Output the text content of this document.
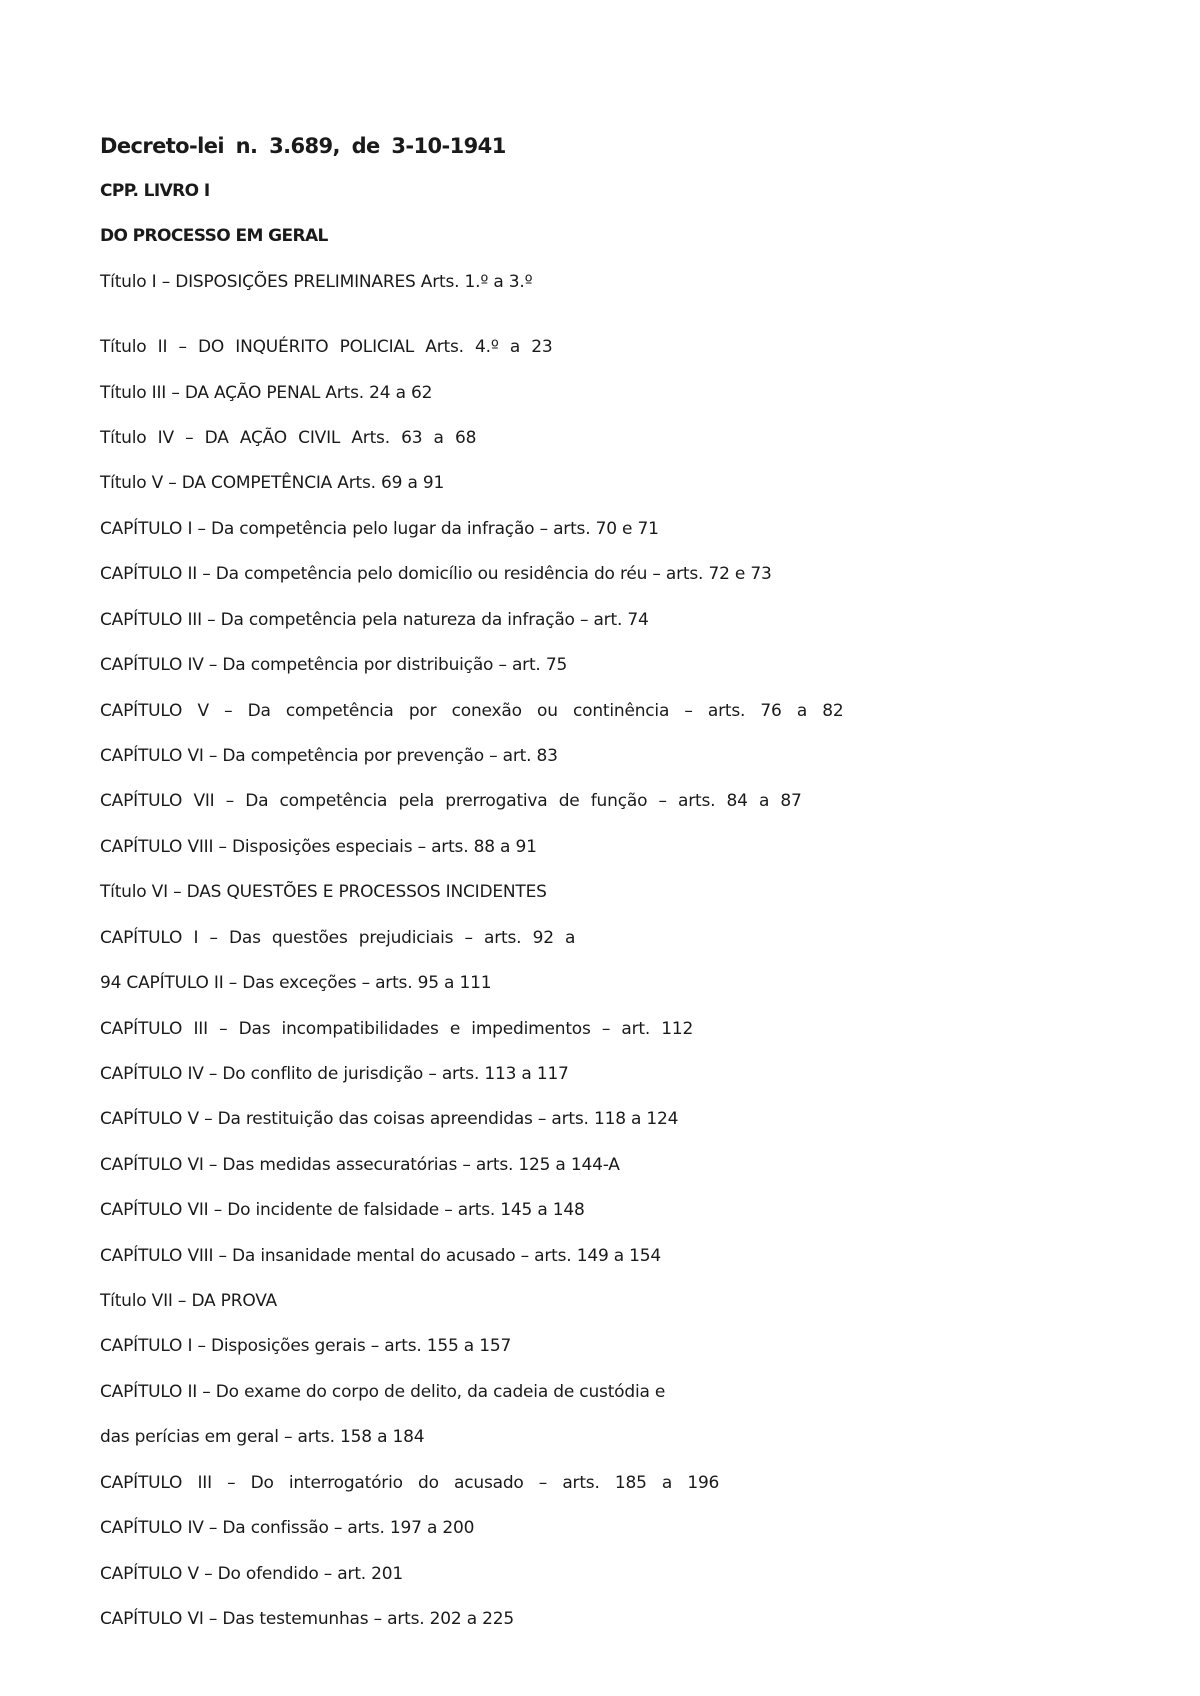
Decreto-lei n. 3.689, de 3-10-1941
CPP. LIVRO I
DO PROCESSO EM GERAL
Título I – DISPOSIÇÕES PRELIMINARES Arts. 1.º a 3.º
Título II – DO INQUÉRITO POLICIAL Arts. 4.º a 23
Título III – DA AÇÃO PENAL Arts. 24 a 62
Título IV – DA AÇÃO CIVIL Arts. 63 a 68
Título V – DA COMPETÊNCIA Arts. 69 a 91
CAPÍTULO I – Da competência pelo lugar da infração – arts. 70 e 71
CAPÍTULO II – Da competência pelo domicílio ou residência do réu – arts. 72 e 73
CAPÍTULO III – Da competência pela natureza da infração – art. 74
CAPÍTULO IV – Da competência por distribuição – art. 75
CAPÍTULO V – Da competência por conexão ou continência – arts. 76 a 82
CAPÍTULO VI – Da competência por prevenção – art. 83
CAPÍTULO VII – Da competência pela prerrogativa de função – arts. 84 a 87
CAPÍTULO VIII – Disposições especiais – arts. 88 a 91
Título VI – DAS QUESTÕES E PROCESSOS INCIDENTES
CAPÍTULO I – Das questões prejudiciais – arts. 92 a
94 CAPÍTULO II – Das exceções – arts. 95 a 111
CAPÍTULO III – Das incompatibilidades e impedimentos – art. 112
CAPÍTULO IV – Do conflito de jurisdição – arts. 113 a 117
CAPÍTULO V – Da restituição das coisas apreendidas – arts. 118 a 124
CAPÍTULO VI – Das medidas assecuratórias – arts. 125 a 144-A
CAPÍTULO VII – Do incidente de falsidade – arts. 145 a 148
CAPÍTULO VIII – Da insanidade mental do acusado – arts. 149 a 154
Título VII – DA PROVA
CAPÍTULO I – Disposições gerais – arts. 155 a 157
CAPÍTULO II – Do exame do corpo de delito, da cadeia de custódia e
das perícias em geral – arts. 158 a 184
CAPÍTULO III – Do interrogatório do acusado – arts. 185 a 196
CAPÍTULO IV – Da confissão – arts. 197 a 200
CAPÍTULO V – Do ofendido – art. 201
CAPÍTULO VI – Das testemunhas – arts. 202 a 225
